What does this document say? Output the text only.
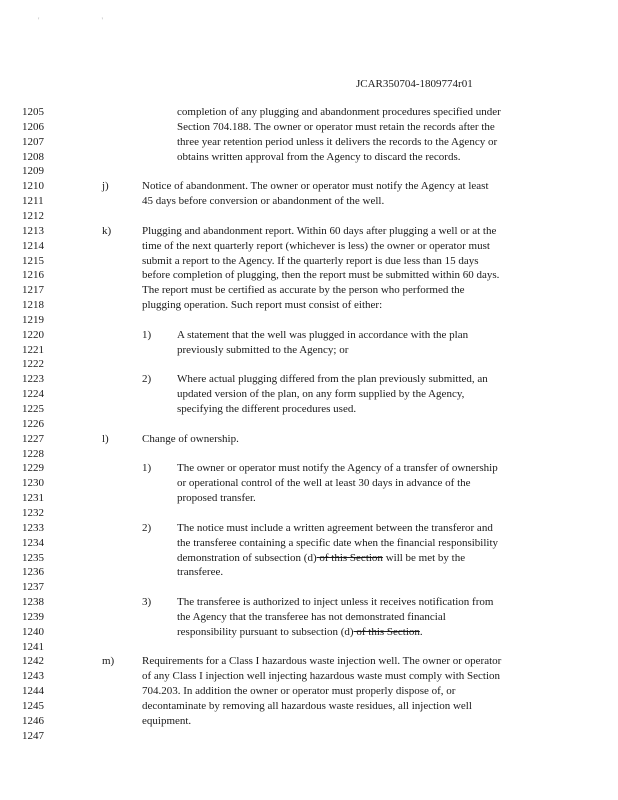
' '
JCAR350704-1809774r01
1205	completion of any plugging and abandonment procedures specified under
1206	Section 704.188. The owner or operator must retain the records after the
1207	three year retention period unless it delivers the records to the Agency or
1208	obtains written approval from the Agency to discard the records.
1209
1210	j)	Notice of abandonment. The owner or operator must notify the Agency at least
1211	45 days before conversion or abandonment of the well.
1212
1213	k)	Plugging and abandonment report. Within 60 days after plugging a well or at the
1214	time of the next quarterly report (whichever is less) the owner or operator must
1215	submit a report to the Agency. If the quarterly report is due less than 15 days
1216	before completion of plugging, then the report must be submitted within 60 days.
1217	The report must be certified as accurate by the person who performed the
1218	plugging operation. Such report must consist of either:
1219
1220	1) A statement that the well was plugged in accordance with the plan
1221	previously submitted to the Agency; or
1222
1223	2) Where actual plugging differed from the plan previously submitted, an
1224	updated version of the plan, on any form supplied by the Agency,
1225	specifying the different procedures used.
1226
1227	l)	Change of ownership.
1228
1229	1) The owner or operator must notify the Agency of a transfer of ownership
1230	or operational control of the well at least 30 days in advance of the
1231	proposed transfer.
1232
1233	2) The notice must include a written agreement between the transferor and
1234	the transferee containing a specific date when the financial responsibility
1235	demonstration of subsection (d) of this Section will be met by the
1236	transferee.
1237
1238	3) The transferee is authorized to inject unless it receives notification from
1239	the Agency that the transferee has not demonstrated financial
1240	responsibility pursuant to subsection (d) of this Section.
1241
1242	m)	Requirements for a Class I hazardous waste injection well. The owner or operator
1243	of any Class I injection well injecting hazardous waste must comply with Section
1244	704.203. In addition the owner or operator must properly dispose of, or
1245	decontaminate by removing all hazardous waste residues, all injection well
1246	equipment.
1247
